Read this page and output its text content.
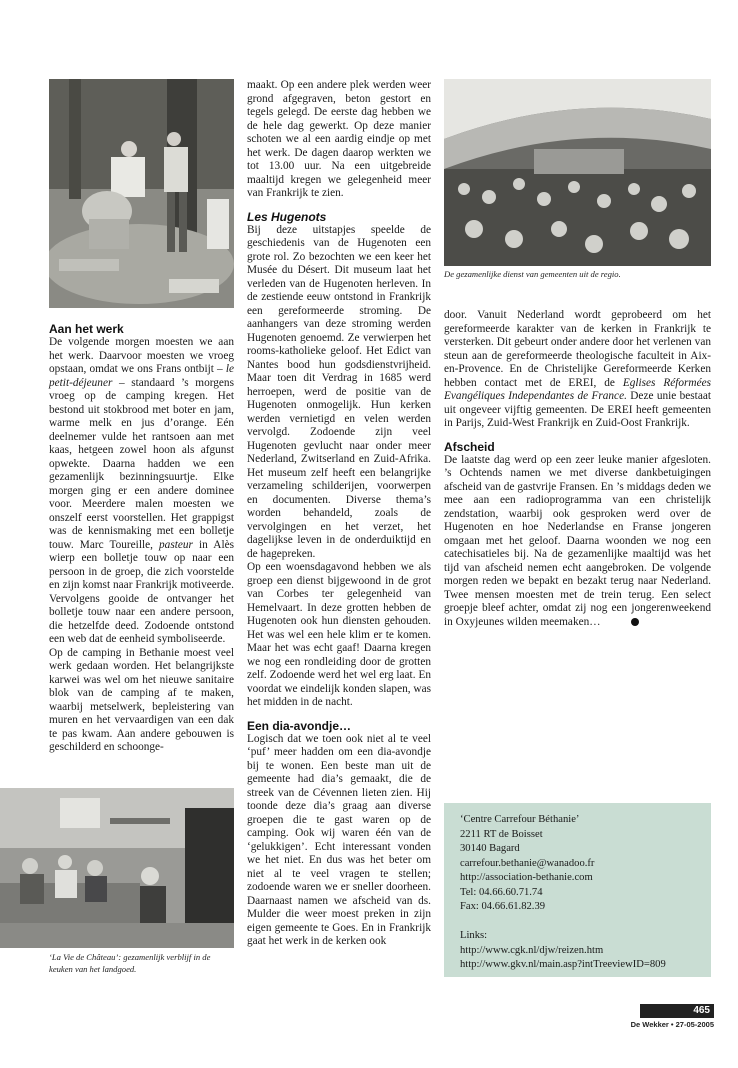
Aan het werk

De volgende morgen moesten we aan het werk. Daarvoor moesten we vroeg opstaan, omdat we ons Frans ontbijt – le petit-déjeuner – standaard ’s morgens vroeg op de camping kregen. Het bestond uit stokbrood met boter en jam, warme melk en jus d’orange. Eén deelnemer vulde het rantsoen aan met kaas, hetgeen zowel hoon als afgunst opwekte. Daarna hadden we een gezamenlijk bezinningsuurtje. Elke morgen ging er een andere dominee voor. Meerdere malen moesten we onszelf eerst voorstellen. Het grappigst was de kennismaking met een bolletje touw. Marc Toureille, pasteur in Alès wierp een bolletje touw op naar een persoon in de groep, die zich voorstelde en zijn komst naar Frankrijk motiveerde. Vervolgens gooide de ontvanger het bolletje touw naar een andere persoon, die hetzelfde deed. Zodoende ontstond een web dat de eenheid symboliseerde.

Op de camping in Bethanie moest veel werk gedaan worden. Het belangrijkste karwei was wel om het nieuwe sanitaire blok van de camping af te maken, waarbij metselwerk, bepleistering van muren en het vervaardigen van een dak te pas kwam. Aan andere gebouwen is geschilderd en schoonge-

‘La Vie de Château’: gezamenlijk verblijf in de keuken van het landgoed.

maakt. Op een andere plek werden weer grond afgegraven, beton gestort en tegels gelegd. De eerste dag hebben we de hele dag gewerkt. Op deze manier schoten we al een aardig eindje op met het werk. De dagen daarop werkten we tot 13.00 uur. Na een uitgebreide maaltijd kregen we gelegenheid meer van Frankrijk te zien.

Les Hugenots

Bij deze uitstapjes speelde de geschiedenis van de Hugenoten een grote rol. Zo bezochten we een keer het Musée du Désert. Dit museum laat het verleden van de Hugenoten herleven. In de zestiende eeuw ontstond in Frankrijk een gereformeerde stroming. De aanhangers van deze stroming werden Hugenoten genoemd. Ze verwierpen het rooms-katholieke geloof. Het Edict van Nantes bood hun godsdienstvrijheid. Maar toen dit Verdrag in 1685 werd herroepen, werd de positie van de Hugenoten onmogelijk. Hun kerken werden vernietigd en velen werden vervolgd. Zodoende zijn veel Hugenoten gevlucht naar onder meer Nederland, Zwitserland en Zuid-Afrika. Het museum zelf heeft een belangrijke verzameling schilderijen, voorwerpen en documenten. Diverse thema’s worden behandeld, zoals de vervolgingen en het verzet, het dagelijkse leven in de onderduiktijd en de hagepreken.

Op een woensdagavond hebben we als groep een dienst bijgewoond in de grot van Corbes ter gelegenheid van Hemelvaart. In deze grotten hebben de Hugenoten ook hun diensten gehouden. Het was wel een hele klim er te komen. Maar het was echt gaaf! Daarna kregen we nog een rondleiding door de grotten zelf. Zodoende werd het wel erg laat. En voordat we eindelijk konden slapen, was het midden in de nacht.

Een dia-avondje…

Logisch dat we toen ook niet al te veel ‘puf’ meer hadden om een dia-avondje bij te wonen. Een beste man uit de gemeente had dia’s gemaakt, die de streek van de Cévennen lieten zien. Hij toonde deze dia’s graag aan diverse groepen die te gast waren op de camping. Ook wij waren één van de ‘gelukkigen’. Echt interessant vonden we het niet. En dus was het beter om niet al te veel vragen te stellen; zodoende waren we er sneller doorheen. Daarnaast namen we afscheid van ds. Mulder die weer moest preken in zijn eigen gemeente te Goes. En in Frankrijk gaat het werk in de kerken ook

De gezamenlijke dienst van gemeenten uit de regio.

door. Vanuit Nederland wordt geprobeerd om het gereformeerde karakter van de kerken in Frankrijk te versterken. Dit gebeurt onder andere door het verlenen van steun aan de gereformeerde theologische faculteit in Aix-en-Provence. En de Christelijke Gereformeerde Kerken hebben contact met de EREI, de Eglises Réformées Evangéliques Independantes de France. Deze unie bestaat uit ongeveer vijftig gemeenten. De EREI heeft gemeenten in Parijs, Zuid-West Frankrijk en Zuid-Oost Frankrijk.

Afscheid

De laatste dag werd op een zeer leuke manier afgesloten. ’s Ochtends namen we met diverse dankbetuigingen afscheid van de gastvrije Fransen. En ’s middags deden we mee aan een radioprogramma van een christelijk zendstation, waarbij ook gesproken werd over de Hugenoten en hoe Nederlandse en Franse jongeren omgaan met het geloof. Daarna woonden we nog een catechisatieles bij. Na de gezamenlijke maaltijd was het tijd van afscheid nemen echt aangebroken. De volgende morgen reden we bepakt en bezakt terug naar Nederland. Twee mensen moesten met de trein terug. Een select groepje bleef achter, omdat zij nog een jongerenweekend in Oxyjeunes wilden meemaken…

‘Centre Carrefour Béthanie’
2211 RT de Boisset
30140 Bagard
carrefour.bethanie@wanadoo.fr
http://association-bethanie.com
Tel: 04.66.60.71.74
Fax: 04.66.61.82.39

Links:
http://www.cgk.nl/djw/reizen.htm
http://www.gkv.nl/main.asp?intTreeviewID=809
465
De Wekker • 27-05-2005
